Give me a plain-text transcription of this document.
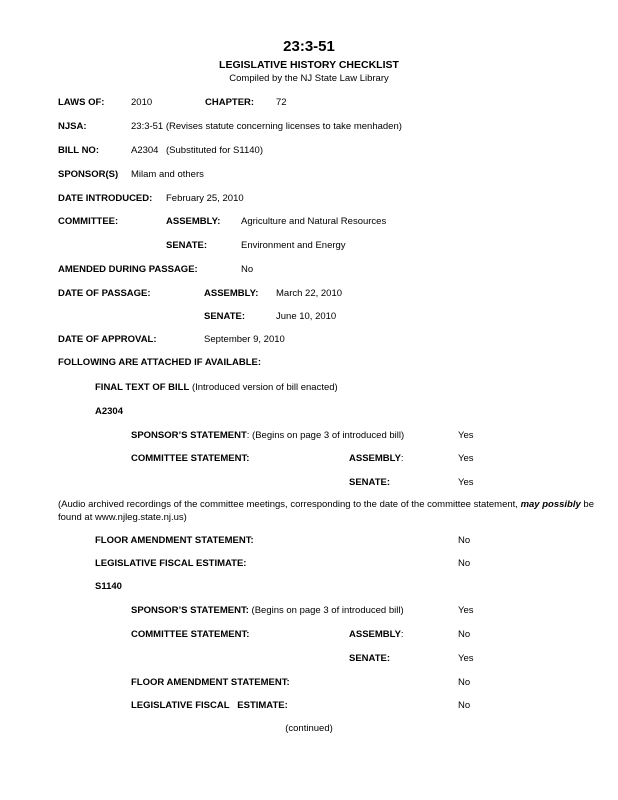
23:3-51
LEGISLATIVE HISTORY CHECKLIST
Compiled by the NJ State Law Library
LAWS OF:	2010	CHAPTER: 72
NJSA:	23:3-51 (Revises statute concerning licenses to take menhaden)
BILL NO:	A2304 (Substituted for S1140)
SPONSOR(S) Milam and others
DATE INTRODUCED: February 25, 2010
COMMITTEE:	ASSEMBLY: Agriculture and Natural Resources
SENATE:	Environment and Energy
AMENDED DURING PASSAGE:	No
DATE OF PASSAGE:	ASSEMBLY: March 22, 2010
SENATE:	June 10, 2010
DATE OF APPROVAL:	September 9, 2010
FOLLOWING ARE ATTACHED IF AVAILABLE:
FINAL TEXT OF BILL (Introduced version of bill enacted)
A2304
SPONSOR’S STATEMENT: (Begins on page 3 of introduced bill)	Yes
COMMITTEE STATEMENT:	ASSEMBLY:	Yes
SENATE:	Yes
(Audio archived recordings of the committee meetings, corresponding to the date of the committee statement, may possibly be found at www.njleg.state.nj.us)
FLOOR AMENDMENT STATEMENT:	No
LEGISLATIVE FISCAL ESTIMATE:	No
S1140
SPONSOR’S STATEMENT: (Begins on page 3 of introduced bill)	Yes
COMMITTEE STATEMENT:	ASSEMBLY:	No
SENATE:	Yes
FLOOR AMENDMENT STATEMENT:	No
LEGISLATIVE FISCAL   ESTIMATE:	No
(continued)
